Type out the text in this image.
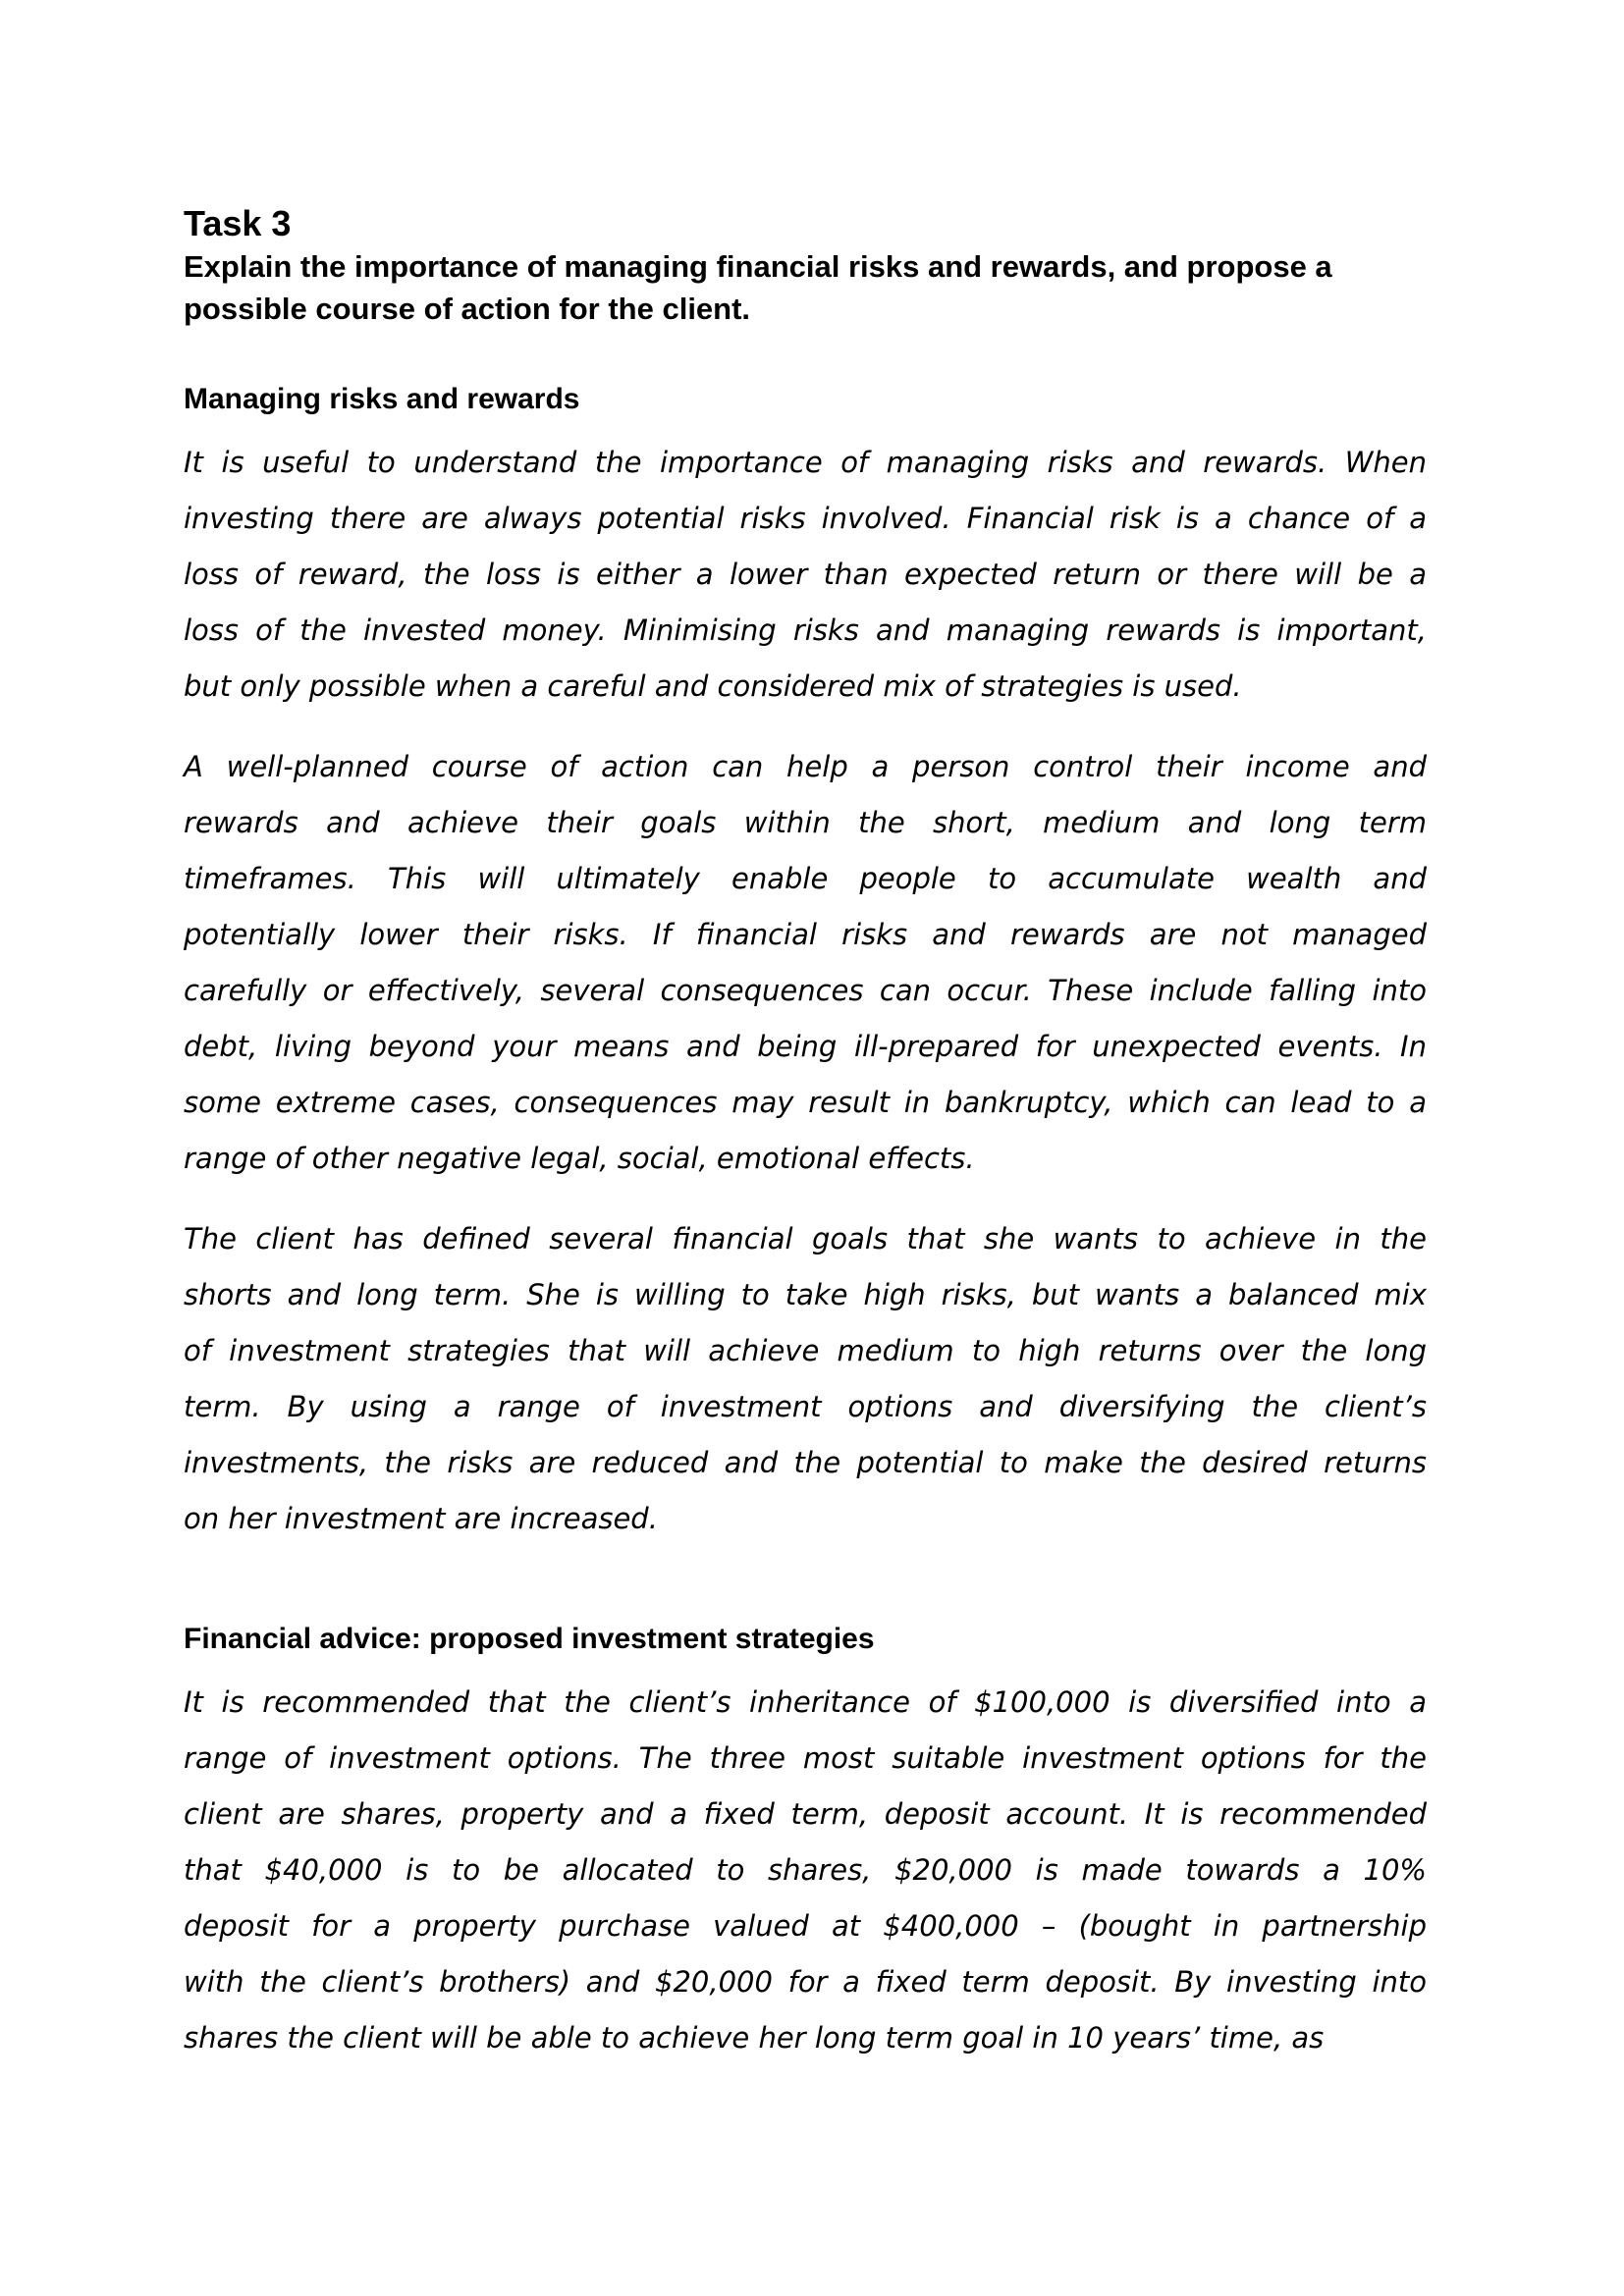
Task 3
Explain the importance of managing financial risks and rewards, and propose a
possible course of action for the client.
Managing risks and rewards
It is useful to understand the importance of managing risks and rewards. When
investing there are always potential risks involved. Financial risk is a chance of a
loss of reward, the loss is either a lower than expected return or there will be a
loss of the invested money. Minimising risks and managing rewards is important,
but only possible when a careful and considered mix of strategies is used.
A well-planned course of action can help a person control their income and
rewards and achieve their goals within the short, medium and long term
timeframes. This will ultimately enable people to accumulate wealth and
potentially lower their risks. If financial risks and rewards are not managed
carefully or effectively, several consequences can occur. These include falling into
debt, living beyond your means and being ill-prepared for unexpected events. In
some extreme cases, consequences may result in bankruptcy, which can lead to a
range of other negative legal, social, emotional effects.
The client has defined several financial goals that she wants to achieve in the
shorts and long term. She is willing to take high risks, but wants a balanced mix
of investment strategies that will achieve medium to high returns over the long
term. By using a range of investment options and diversifying the client’s
investments, the risks are reduced and the potential to make the desired returns
on her investment are increased.
Financial advice: proposed investment strategies
It is recommended that the client’s inheritance of $100,000 is diversified into a
range of investment options. The three most suitable investment options for the
client are shares, property and a fixed term, deposit account. It is recommended
that $40,000 is to be allocated to shares, $20,000 is made towards a 10%
deposit for a property purchase valued at $400,000 – (bought in partnership
with the client’s brothers) and $20,000 for a fixed term deposit. By investing into
shares the client will be able to achieve her long term goal in 10 years’ time, as
